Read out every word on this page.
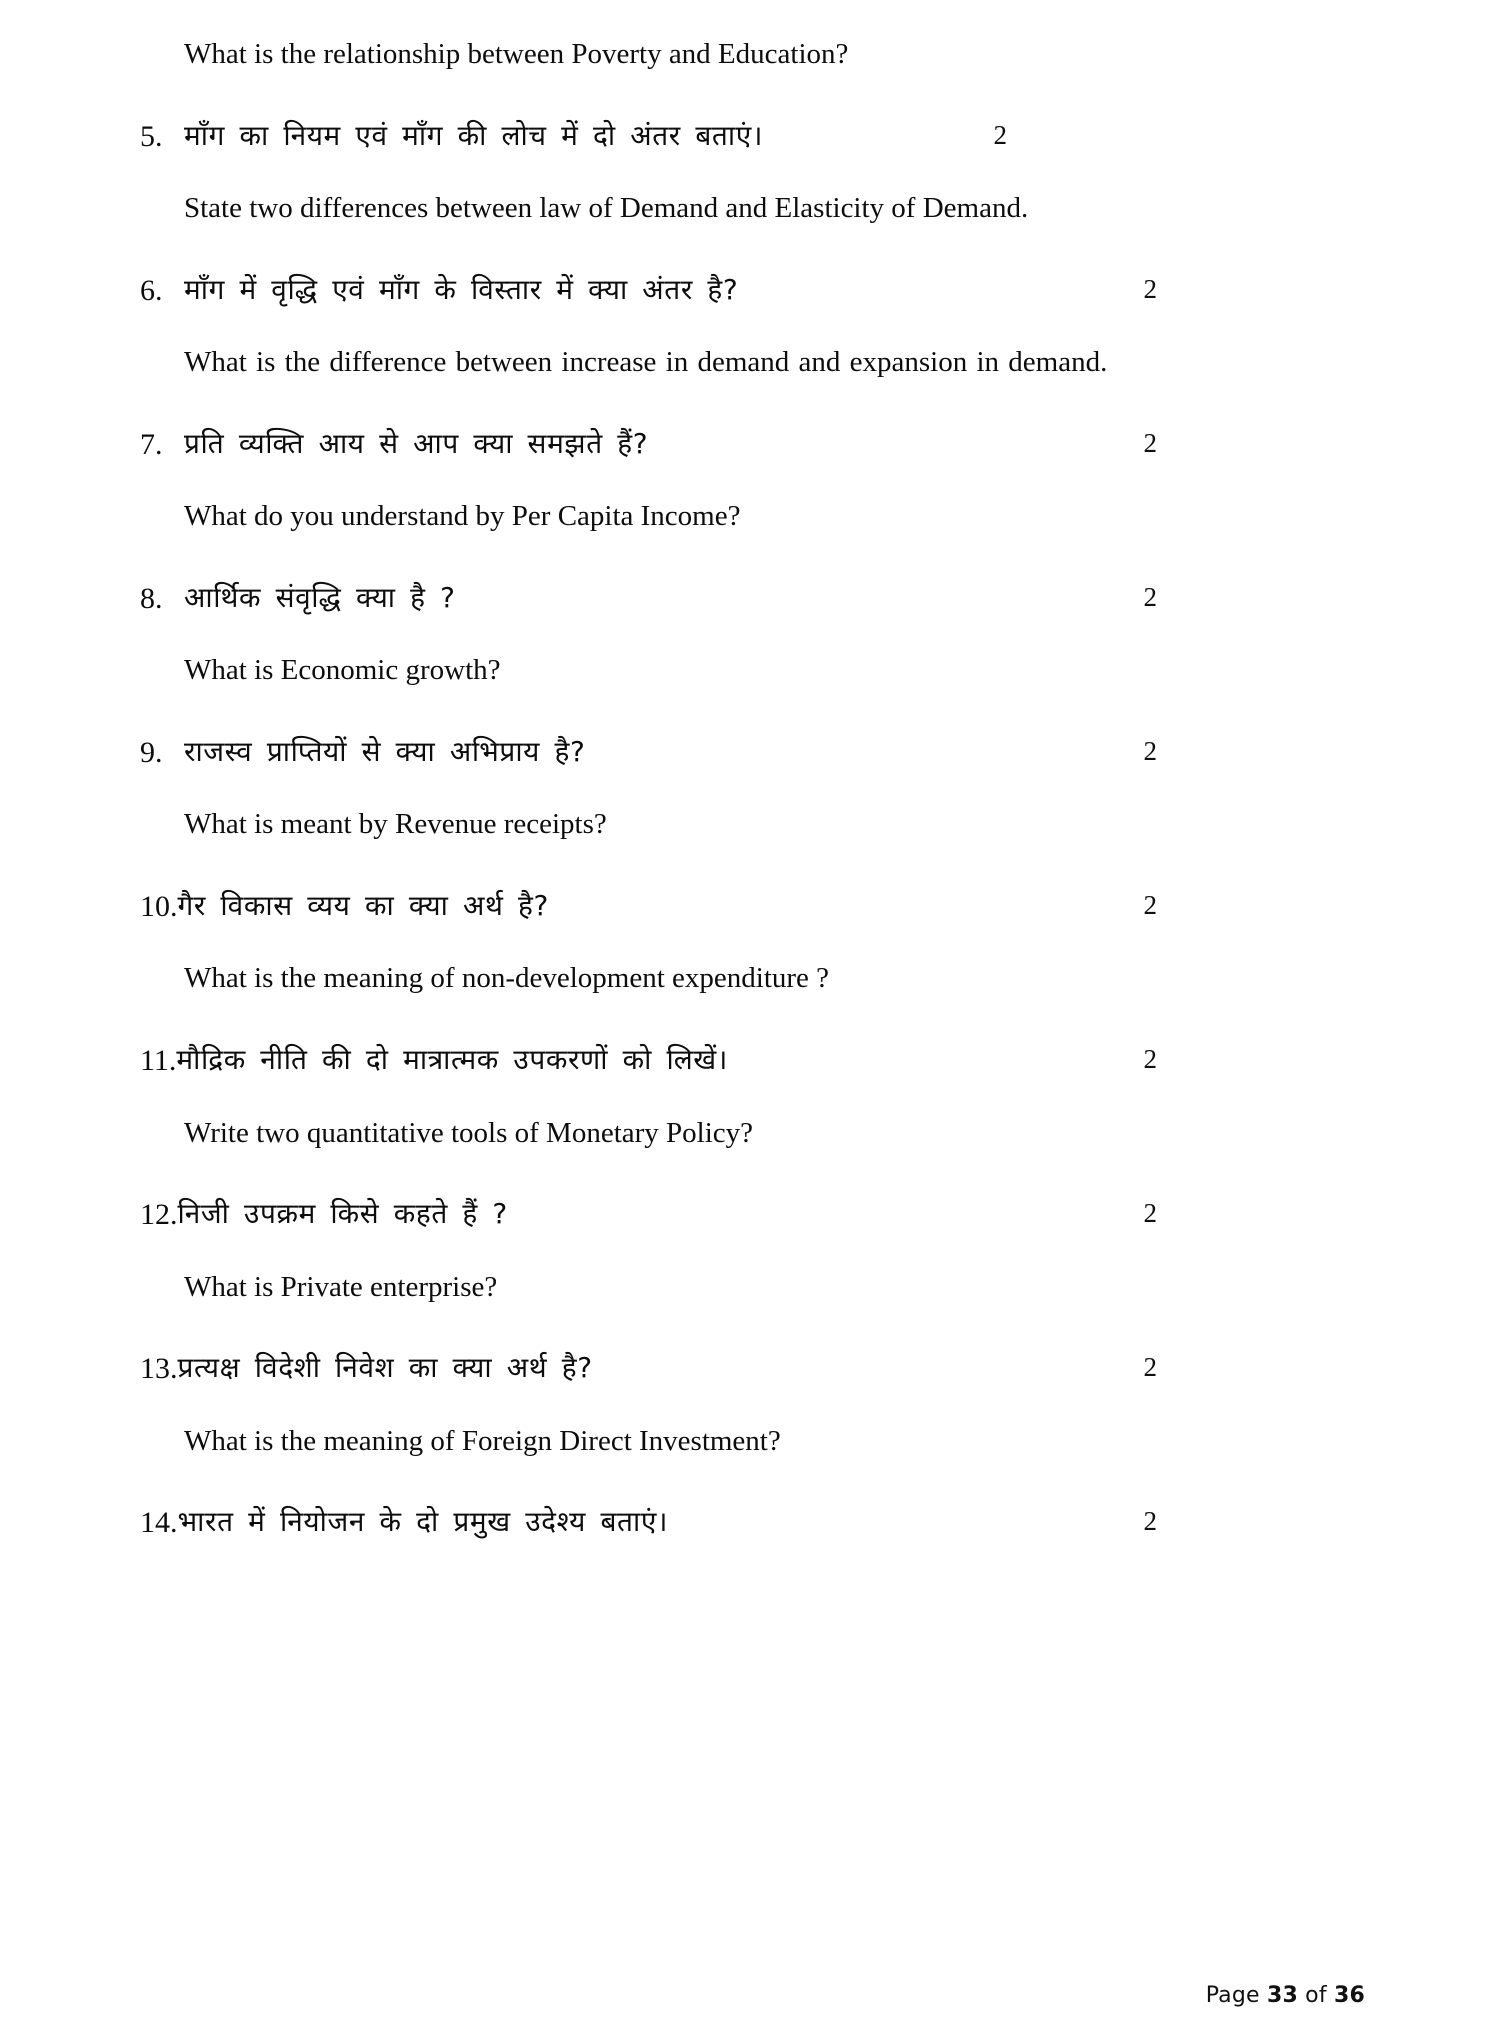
What is the relationship between Poverty and Education?
5. माँग का नियम एवं माँग की लोच में दो अंतर बताएं।	2
State two differences between law of Demand and Elasticity of Demand.
6. माँग में वृद्धि एवं माँग के विस्तार में क्या अंतर है?	2
What is the difference between increase in demand and expansion in demand.
7. प्रति व्यक्ति आय से आप क्या समझते हैं?	2
What do you understand by Per Capita Income?
8. आर्थिक संवृद्धि क्या है ?	2
What is Economic growth?
9. राजस्व प्राप्तियों से क्या अभिप्राय है?	2
What is meant by Revenue receipts?
10. गैर विकास व्यय का क्या अर्थ है?	2
What is the meaning of non-development expenditure ?
11. मौद्रिक नीति की दो मात्रात्मक उपकरणों को लिखें।	2
Write two quantitative tools of Monetary Policy?
12. निजी उपक्रम किसे कहते हैं ?	2
What is Private enterprise?
13. प्रत्यक्ष विदेशी निवेश का क्या अर्थ है?	2
What is the meaning of Foreign Direct Investment?
14. भारत में नियोजन के दो प्रमुख उदेश्य बताएं।	2
Page 33 of 36
